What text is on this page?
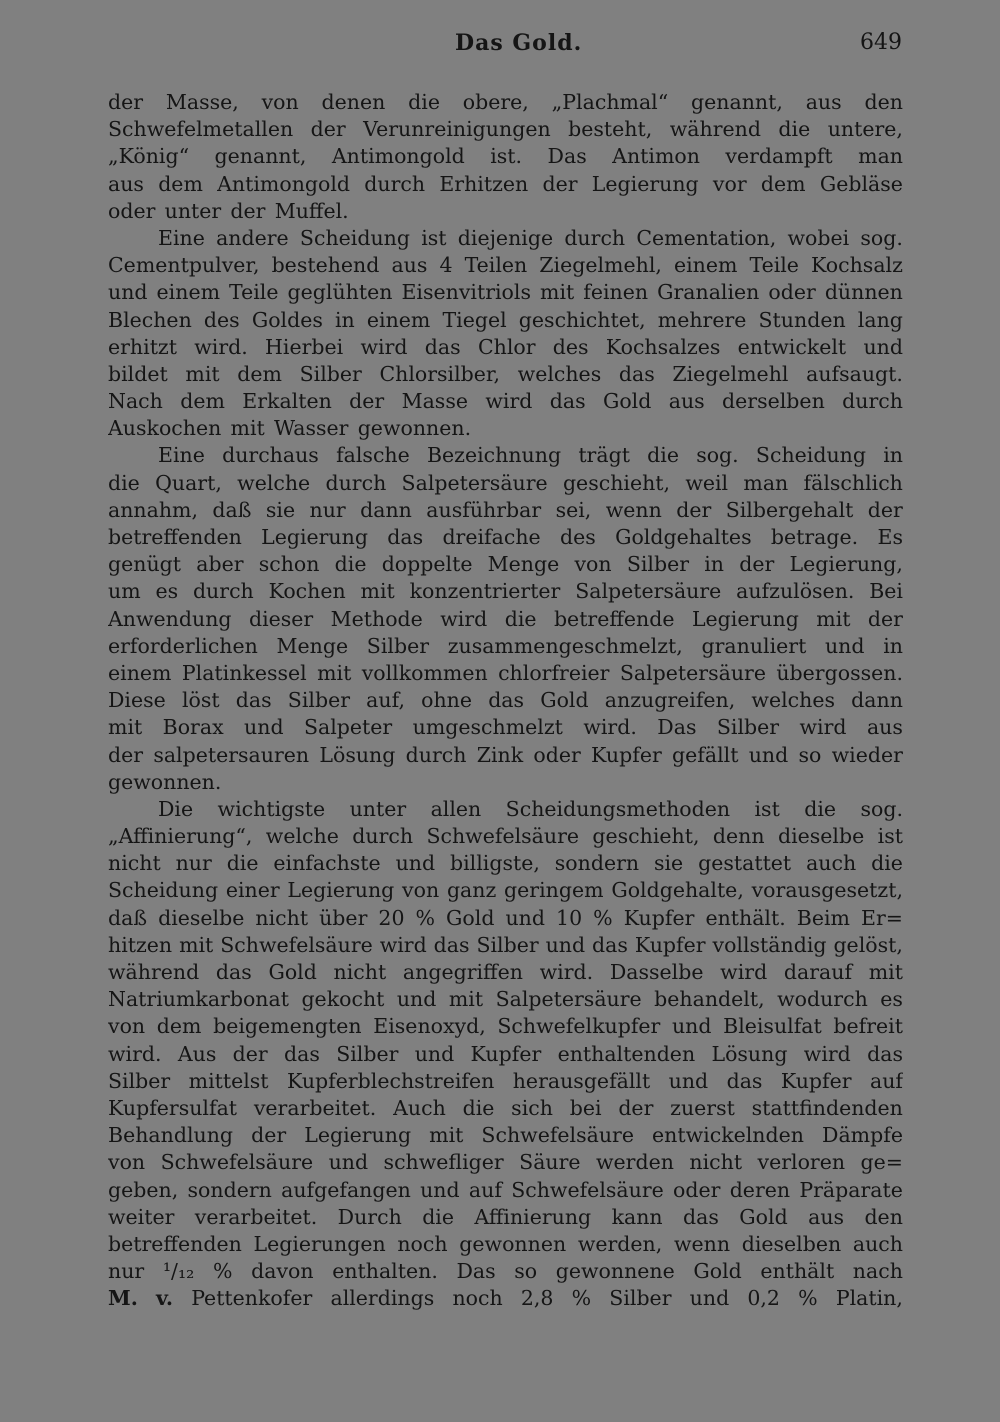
Das Gold.	649
der Masse, von denen die obere, „Plachmal“ genannt, aus den
Schwefelmetallen der Verunreinigungen besteht, während die untere,
„König“ genannt, Antimongold ist. Das Antimon verdampft man
aus dem Antimongold durch Erhitzen der Legierung vor dem Gebläse
oder unter der Muffel.
Eine andere Scheidung ist diejenige durch Cementation, wobei sog.
Cementpulver, bestehend aus 4 Teilen Ziegelmehl, einem Teile Kochsalz
und einem Teile geglühten Eisenvitriols mit feinen Granalien oder dünnen
Blechen des Goldes in einem Tiegel geschichtet, mehrere Stunden lang
erhitzt wird. Hierbei wird das Chlor des Kochsalzes entwickelt und
bildet mit dem Silber Chlorsilber, welches das Ziegelmehl aufsaugt.
Nach dem Erkalten der Masse wird das Gold aus derselben durch
Auskochen mit Wasser gewonnen.
Eine durchaus falsche Bezeichnung trägt die sog. Scheidung in
die Quart, welche durch Salpetersäure geschieht, weil man fälschlich
annahm, daß sie nur dann ausführbar sei, wenn der Silbergehalt der
betreffenden Legierung das dreifache des Goldgehaltes betrage. Es
genügt aber schon die doppelte Menge von Silber in der Legierung,
um es durch Kochen mit konzentrierter Salpetersäure aufzulösen. Bei
Anwendung dieser Methode wird die betreffende Legierung mit der
erforderlichen Menge Silber zusammengeschmelzt, granuliert und in
einem Platinkessel mit vollkommen chlorfreier Salpetersäure übergossen.
Diese löst das Silber auf, ohne das Gold anzugreifen, welches dann
mit Borax und Salpeter umgeschmelzt wird. Das Silber wird aus
der salpetersauren Lösung durch Zink oder Kupfer gefällt und so wieder
gewonnen.
Die wichtigste unter allen Scheidungsmethoden ist die sog.
„Affinierung“, welche durch Schwefelsäure geschieht, denn dieselbe ist
nicht nur die einfachste und billigste, sondern sie gestattet auch die
Scheidung einer Legierung von ganz geringem Goldgehalte, vorausgesetzt,
daß dieselbe nicht über 20 % Gold und 10 % Kupfer enthält. Beim Er=
hitzen mit Schwefelsäure wird das Silber und das Kupfer vollständig gelöst,
während das Gold nicht angegriffen wird. Dasselbe wird darauf mit
Natriumkarbonat gekocht und mit Salpetersäure behandelt, wodurch es
von dem beigemengten Eisenoxyd, Schwefelkupfer und Bleisulfat befreit
wird. Aus der das Silber und Kupfer enthaltenden Lösung wird das
Silber mittelst Kupferblechstreifen herausgefällt und das Kupfer auf
Kupfersulfat verarbeitet. Auch die sich bei der zuerst stattfindenden
Behandlung der Legierung mit Schwefelsäure entwickelnden Dämpfe
von Schwefelsäure und schwefliger Säure werden nicht verloren ge=
geben, sondern aufgefangen und auf Schwefelsäure oder deren Präparate
weiter verarbeitet. Durch die Affinierung kann das Gold aus den
betreffenden Legierungen noch gewonnen werden, wenn dieselben auch
nur ¹/₁₂ % davon enthalten. Das so gewonnene Gold enthält nach
M. v. Pettenkofer allerdings noch 2,8 % Silber und 0,2 % Platin,
